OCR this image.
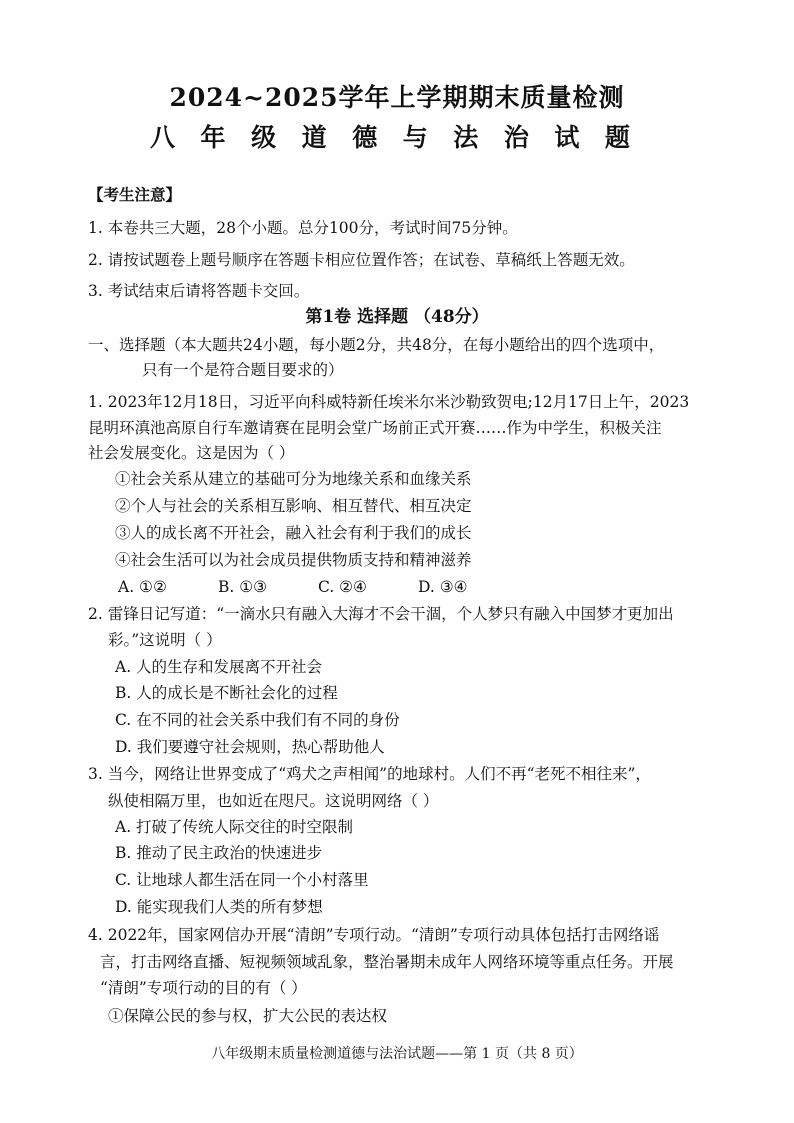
2024~2025学年上学期期末质量检测
八 年 级 道 德 与 法 治 试 题
【考生注意】
1. 本卷共三大题，28个小题。总分100分，考试时间75分钟。
2. 请按试题卷上题号顺序在答题卡相应位置作答；在试卷、草稿纸上答题无效。
3. 考试结束后请将答题卡交回。
第1卷 选择题 （48分）
一、选择题（本大题共24小题，每小题2分，共48分，在每小题给出的四个选项中，
只有一个是符合题目要求的）
1. 2023年12月18日，习近平向科威特新任埃米尔米沙勒致贺电;12月17日上午，2023
昆明环滇池高原自行车邀请赛在昆明会堂广场前正式开赛……作为中学生，积极关注
社会发展变化。这是因为（ ）
①社会关系从建立的基础可分为地缘关系和血缘关系
②个人与社会的关系相互影响、相互替代、相互决定
③人的成长离不开社会，融入社会有利于我们的成长
④社会生活可以为社会成员提供物质支持和精神滋养
A. ①②	B. ①③	C. ②④	D. ③④
2. 雷锋日记写道：“一滴水只有融入大海才不会干涸，个人梦只有融入中国梦才更加出
彩。”这说明（ ）
A. 人的生存和发展离不开社会
B. 人的成长是不断社会化的过程
C. 在不同的社会关系中我们有不同的身份
D. 我们要遵守社会规则，热心帮助他人
3. 当今，网络让世界变成了“鸡犬之声相闻”的地球村。人们不再“老死不相往来”，
纵使相隔万里，也如近在咫尺。这说明网络（ ）
A. 打破了传统人际交往的时空限制
B. 推动了民主政治的快速进步
C. 让地球人都生活在同一个小村落里
D. 能实现我们人类的所有梦想
4. 2022年，国家网信办开展“清朗”专项行动。“清朗”专项行动具体包括打击网络谣
言，打击网络直播、短视频领域乱象，整治暑期未成年人网络环境等重点任务。开展
“清朗”专项行动的目的有（ ）
①保障公民的参与权，扩大公民的表达权
八年级期末质量检测道德与法治试题——第 1 页（共 8 页）
